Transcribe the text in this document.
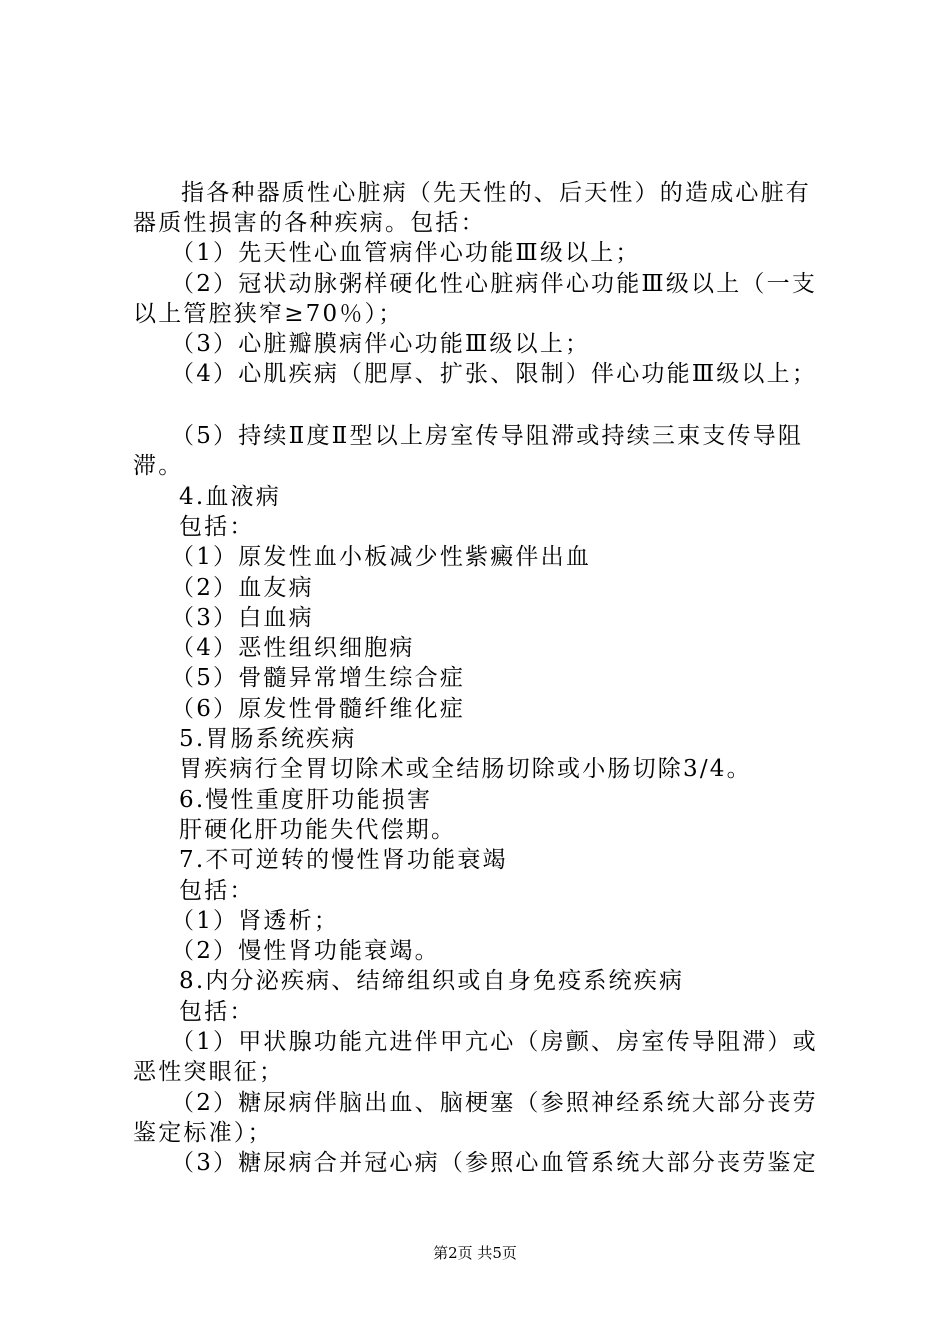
指各种器质性心脏病（先天性的、后天性）的造成心脏有
器质性损害的各种疾病。包括：
（1）先天性心血管病伴心功能Ⅲ级以上；
（2）冠状动脉粥样硬化性心脏病伴心功能Ⅲ级以上（一支
以上管腔狭窄≥70％）；
（3）心脏瓣膜病伴心功能Ⅲ级以上；
（4）心肌疾病（肥厚、扩张、限制）伴心功能Ⅲ级以上；
（5）持续Ⅱ度Ⅱ型以上房室传导阻滞或持续三束支传导阻
滞。
4.血液病
包括：
（1）原发性血小板减少性紫癜伴出血
（2）血友病
（3）白血病
（4）恶性组织细胞病
（5）骨髓异常增生综合症
（6）原发性骨髓纤维化症
5.胃肠系统疾病
胃疾病行全胃切除术或全结肠切除或小肠切除3/4。
6.慢性重度肝功能损害
肝硬化肝功能失代偿期。
7.不可逆转的慢性肾功能衰竭
包括：
（1）肾透析；
（2）慢性肾功能衰竭。
8.内分泌疾病、结缔组织或自身免疫系统疾病
包括：
（1）甲状腺功能亢进伴甲亢心（房颤、房室传导阻滞）或
恶性突眼征；
（2）糖尿病伴脑出血、脑梗塞（参照神经系统大部分丧劳
鉴定标准）；
（3）糖尿病合并冠心病（参照心血管系统大部分丧劳鉴定
第2页 共5页
